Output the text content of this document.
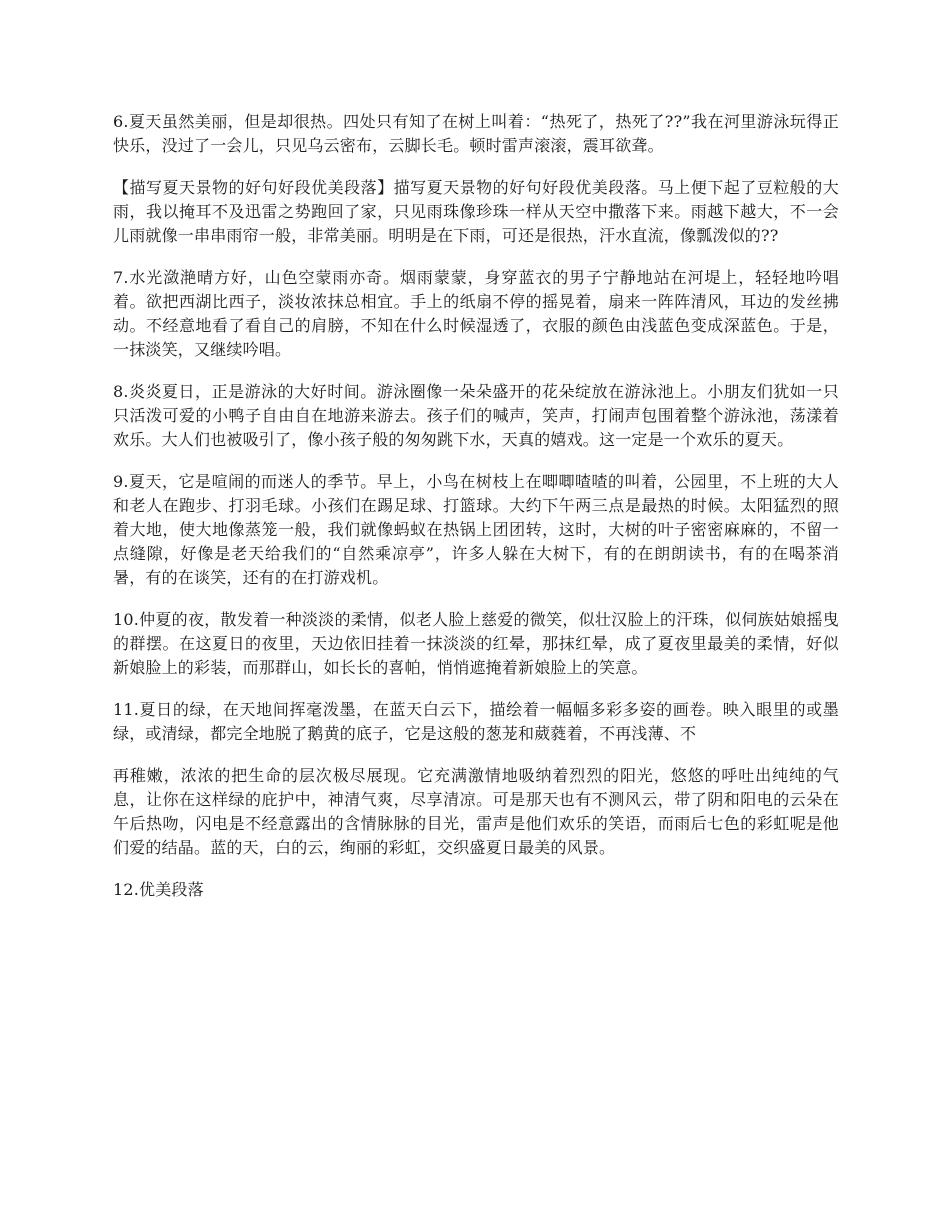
6.夏天虽然美丽，但是却很热。四处只有知了在树上叫着：“热死了，热死了??”我在河里游泳玩得正快乐，没过了一会儿，只见乌云密布，云脚长毛。顿时雷声滚滚，震耳欲聋。

【描写夏天景物的好句好段优美段落】描写夏天景物的好句好段优美段落。马上便下起了豆粒般的大雨，我以掩耳不及迅雷之势跑回了家，只见雨珠像珍珠一样从天空中撒落下来。雨越下越大，不一会儿雨就像一串串雨帘一般，非常美丽。明明是在下雨，可还是很热，汗水直流，像瓢泼似的??

7.水光潋滟晴方好，山色空蒙雨亦奇。烟雨蒙蒙，身穿蓝衣的男子宁静地站在河堤上，轻轻地吟唱着。欲把西湖比西子，淡妆浓抹总相宜。手上的纸扇不停的摇晃着，扇来一阵阵清风，耳边的发丝拂动。不经意地看了看自己的肩膀，不知在什么时候湿透了，衣服的颜色由浅蓝色变成深蓝色。于是，一抹淡笑，又继续吟唱。

8.炎炎夏日，正是游泳的大好时间。游泳圈像一朵朵盛开的花朵绽放在游泳池上。小朋友们犹如一只只活泼可爱的小鸭子自由自在地游来游去。孩子们的喊声，笑声，打闹声包围着整个游泳池，荡漾着欢乐。大人们也被吸引了，像小孩子般的匆匆跳下水，天真的嬉戏。这一定是一个欢乐的夏天。

9.夏天，它是喧闹的而迷人的季节。早上，小鸟在树枝上在唧唧喳喳的叫着，公园里，不上班的大人和老人在跑步、打羽毛球。小孩们在踢足球、打篮球。大约下午两三点是最热的时候。太阳猛烈的照着大地，使大地像蒸笼一般，我们就像蚂蚁在热锅上团团转，这时，大树的叶子密密麻麻的，不留一点缝隙，好像是老天给我们的“自然乘凉亭”，许多人躲在大树下，有的在朗朗读书，有的在喝茶消暑，有的在谈笑，还有的在打游戏机。

10.仲夏的夜，散发着一种淡淡的柔情，似老人脸上慈爱的微笑，似壮汉脸上的汗珠，似伺族姑娘摇曳的群摆。在这夏日的夜里，天边依旧挂着一抹淡淡的红晕，那抹红晕，成了夏夜里最美的柔情，好似新娘脸上的彩装，而那群山，如长长的喜帕，悄悄遮掩着新娘脸上的笑意。

11.夏日的绿，在天地间挥毫泼墨，在蓝天白云下，描绘着一幅幅多彩多姿的画卷。映入眼里的或墨绿，或清绿，都完全地脱了鹅黄的底子，它是这般的葱茏和葳蕤着，不再浅薄、不

再稚嫩，浓浓的把生命的层次极尽展现。它充满激情地吸纳着烈烈的阳光，悠悠的呼吐出纯纯的气息，让你在这样绿的庇护中，神清气爽，尽享清凉。可是那天也有不测风云，带了阴和阳电的云朵在午后热吻，闪电是不经意露出的含情脉脉的目光，雷声是他们欢乐的笑语，而雨后七色的彩虹呢是他们爱的结晶。蓝的天，白的云，绚丽的彩虹，交织盛夏日最美的风景。

12.优美段落
